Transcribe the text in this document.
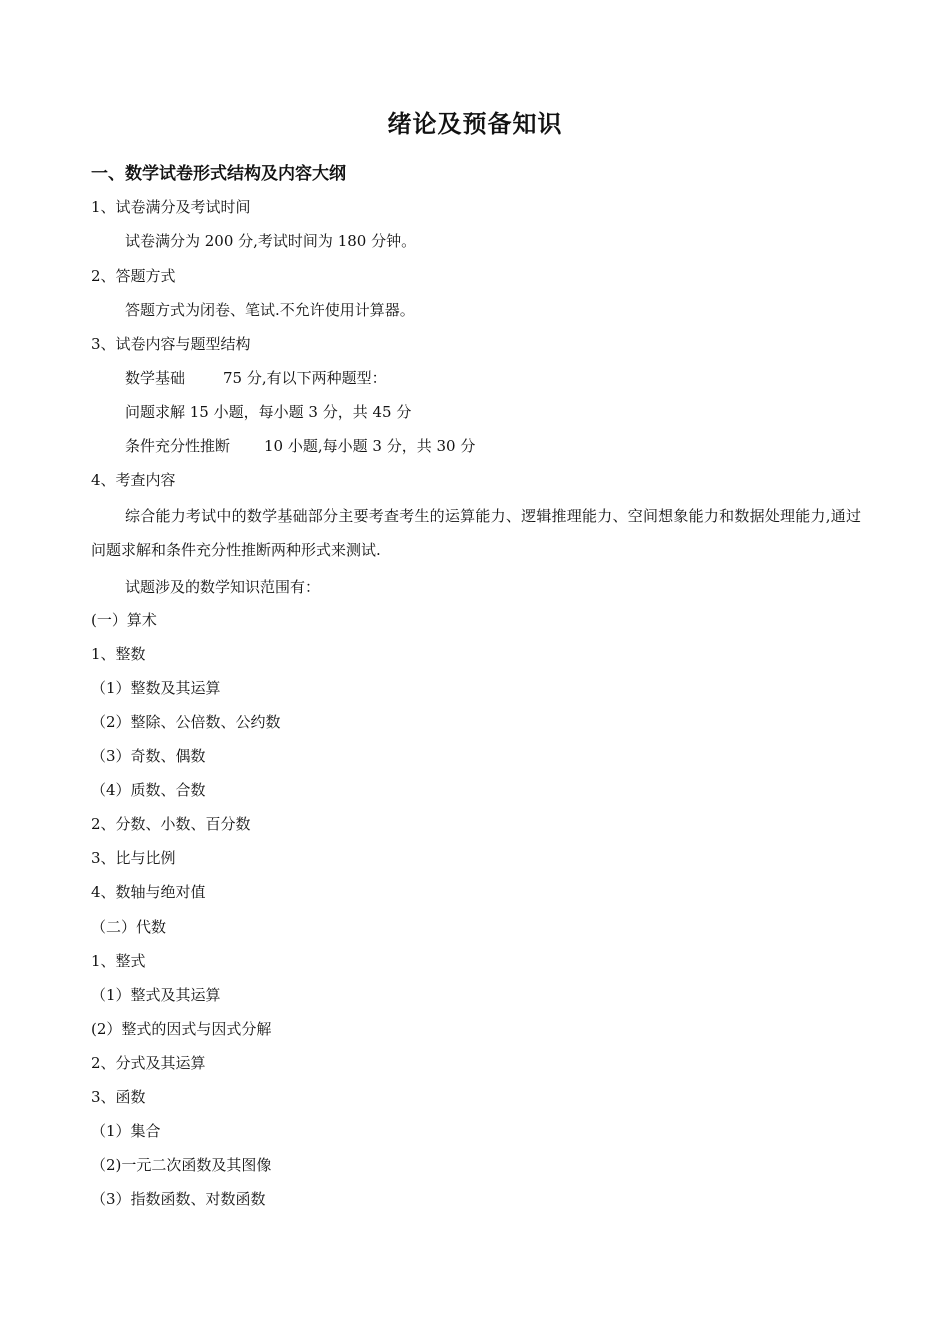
绪论及预备知识
一、数学试卷形式结构及内容大纲
1、试卷满分及考试时间
试卷满分为 200 分,考试时间为 180 分钟。
2、答题方式
答题方式为闭卷、笔试.不允许使用计算器。
3、试卷内容与题型结构
数学基础	75 分,有以下两种题型：
问题求解 15 小题，每小题 3 分，共 45 分
条件充分性推断 10 小题,每小题 3 分，共 30 分
4、考查内容
综合能力考试中的数学基础部分主要考查考生的运算能力、逻辑推理能力、空间想象能力和数据处理能力,通过问题求解和条件充分性推断两种形式来测试.
试题涉及的数学知识范围有：
(一）算术
1、整数
（1）整数及其运算
（2）整除、公倍数、公约数
（3）奇数、偶数
（4）质数、合数
2、分数、小数、百分数
3、比与比例
4、数轴与绝对值
（二）代数
1、整式
（1）整式及其运算
(2）整式的因式与因式分解
2、分式及其运算
3、函数
（1）集合
（2)一元二次函数及其图像
（3）指数函数、对数函数
